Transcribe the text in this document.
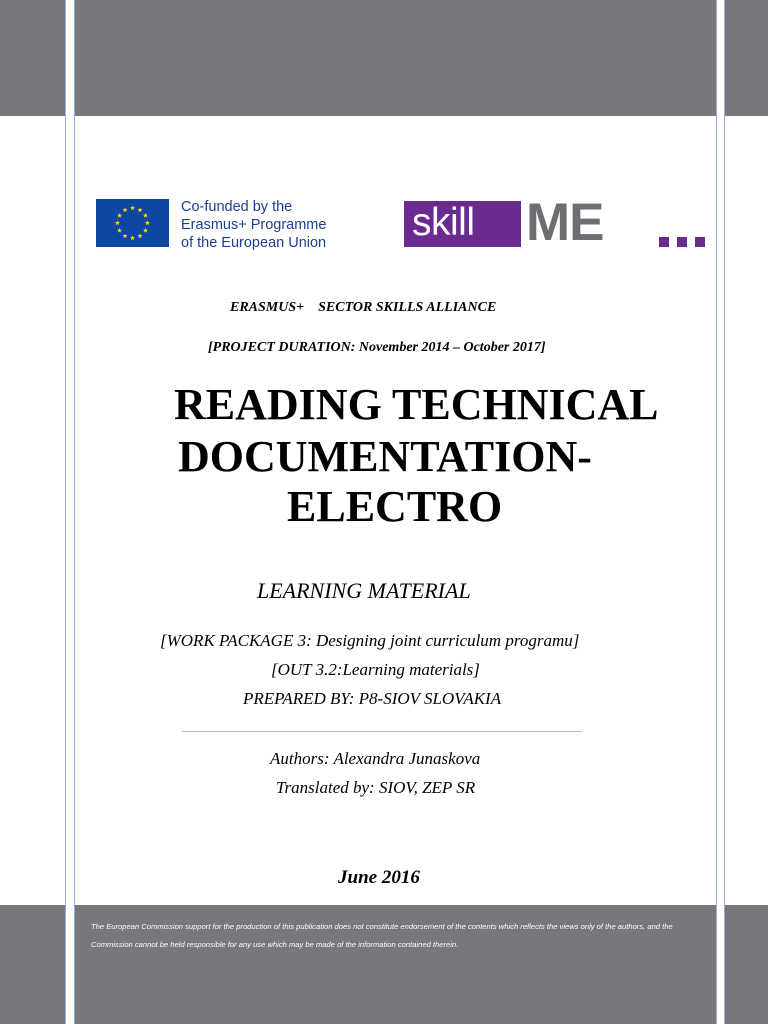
Co-funded by the
Erasmus+ Programme
of the European Union skill ME
ERASMUS+    SECTOR SKILLS ALLIANCE
[PROJECT DURATION: November 2014 – October 2017]
READING TECHNICAL
DOCUMENTATION-
ELECTRO
LEARNING MATERIAL
[WORK PACKAGE 3: Designing joint curriculum programu]
[OUT 3.2:Learning materials]
PREPARED BY: P8-SIOV SLOVAKIA
Authors: Alexandra Junaskova
Translated by: SIOV, ZEP SR
June 2016
The European Commission support for the production of this publication does not constitute endorsement of the contents which reflects the views only of the authors, and the Commission cannot be held responsible for any use which may be made of the information contained therein.
